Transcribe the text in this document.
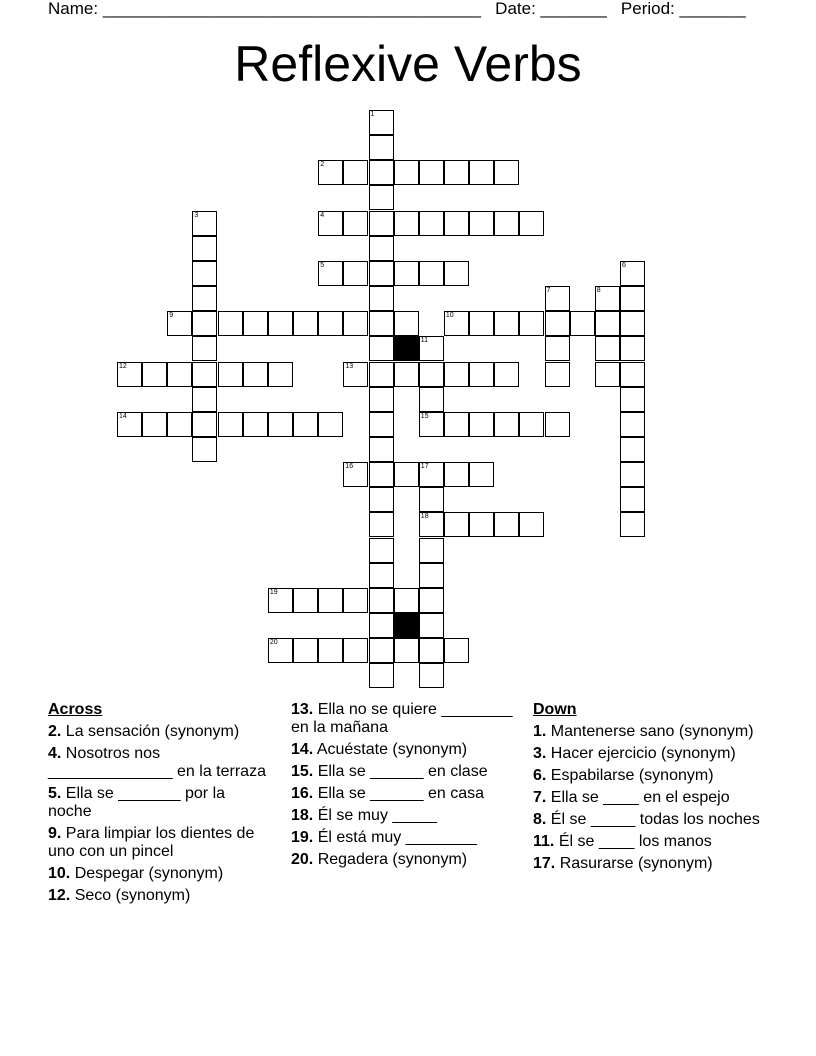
Name: ________________________________________ Date: _______ Period: _______
Reflexive Verbs
1
2
3	4
5	6
7	8
9	10
11
12	13
14	15
16	17
18
19
20
Across
2. La sensación (synonym)
4. Nosotros nos ______________ en la terraza
5. Ella se _______ por la noche
9. Para limpiar los dientes de uno con un pincel
10. Despegar (synonym)
12. Seco (synonym)
13. Ella no se quiere ________ en la mañana
14. Acuéstate (synonym)
15. Ella se ______ en clase
16. Ella se ______ en casa
18. Él se muy _____
19. Él está muy ________
20. Regadera (synonym)
Down
1. Mantenerse sano (synonym)
3. Hacer ejercicio (synonym)
6. Espabilarse (synonym)
7. Ella se ____ en el espejo
8. Él se _____ todas los noches
11. Él se ____ los manos
17. Rasurarse (synonym)
